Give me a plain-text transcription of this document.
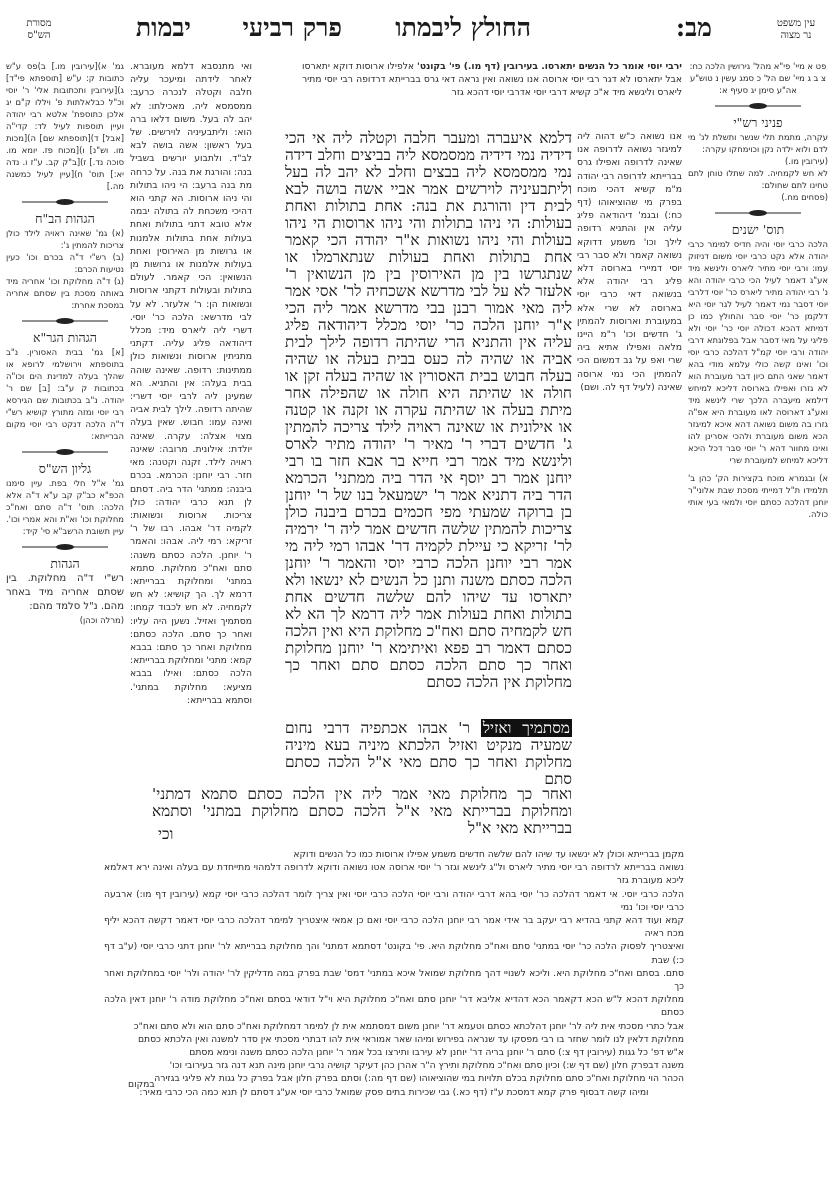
עין משפט
נר מצוה
מב:
החולץ ליבמתו
פרק רביעי
יבמות
מסורת
הש"ס
פט א מיי' פי"א מהל' גירושין הלכה כח:
צ ב ג מיי' שם הל' כ סמג עשין נ טוש"ע אה"ע סימן יג סעיף א:
פניני רש"י
עקרה, מתמת תלי שנשר ותשלת לנ' מי לדם ולוא ילדה נקן וכוימחקו עקרה:
(עירובין מו.)
לא חש לקמחיה. למה שתלו טוחן לתם טחינו לתם שחולם:
(פסחים מח.)
תוס' ישנים
הלכה כרבי יוסי והיה חדיס למימר כרבי יהודה אלא נקט כרבי יוסי משום דניזוק עמו: ורבי יוסי מתיר ליארס ולינשא מיד אע"ג דאמר לעיל הכי כרבי יהודה והא נ' רבי יהודה מתיר ליארס כר' יוסי דלרבי יוסי דסבר נמי דאמר לעיל לגר יוסי היא דלקמן כר' יוסי סבר והחולץ כמו כן דמיתא דהכא דכולה יוסי כר' יוסי ולא פליגי על מאי דסבר אבל בפלוגתא דרבי יהודה ורבי יוסי קמ"ל דהלכה כרבי יוסי וכו' ואינו קשה כולי עלמא מודי בהא דאמר שאני התם כיון דבר מעוברת הוא לא גזרו ואפילו בארוסה דליכא למיחש דילמא מיעברה הלכך שרי לינשא מיד ואע"ג דארוסה לאו מעוברת היא אפ"ה גזרו בה משום נשואה דהא איכא למיגזר הכא משום מעוברת ולהכי אסרינן להו ואינו מחוור דהא ר' יוסי סבר דכל היכא דליכא למיחש למעוברת שרי
א) ובגמרא מוכח בקצירות הק' כהן ב' תלמידו ת"ל דמייתי מסכת שבת אלוני"ר יוחנן דהלכה כסתם יוסי ולמאי בעי אותי כולה.
גמ' א)[עירובין מו.] ב)פס ע"ש כתובות ק: ע"ש [תוספתא פי"ד] ג)[עירובין ותכתובות אלי' ר' יוסי וכ"ל כבלאלתות פ' ויללו ק"ם יג אלכן כתוספת' אלטא רבי יהודה ועיין תוספות לעיל לד: קדי"ה [אבל] ד)[תוספתא שם] ה)[מכות מו. וש"נ] ו)[מכוח פז. יומא מו. סוכה נד.] ז)[ב"ק קב. ע"ז ו. נדה יא:] תוס' ח)[עיין לעיל כמשנה מה.]
הגהות הב"ח
(א) גמ' שאינה ראויה לילד כולן צריכות להמתין ג':
(ב) רש"י ד"ה בכרם וכו' כעין נטיעות הכרם:
(ג) ד"ה מחלוקת וכו' אחריה מיד באותה מסכת בין שסתם אחריה במסכת אחרת:
הגהות הגר"א
[א] גמ' בבית האסורין. נ"ב בתוספתא וירושלמי לרופא או שהלך בעלה למדינת הים וכו"ה בכתובות ק ע"ב: [ב] שם ר' יהודה. נ"ב בכתובות שם הגירסא רבי יוסי ומזה מתורץ קושיא רש"י ד"ה הלכה דנקט רבי יוסי מקום הברייתא:
גליון הש"ס
גמ' א"ל חלי בפת. עיין סימנו הכפ"א כב"ק קב ע"א ד"ה אלא הלכה: תוס' ד"ה סתם ואח"כ מחלוקת וכו' וא"ת והא אמרי וכו'. עיין תשובת הרשב"א סי' קיד:
הגהות
רש"י ד"ה מחלוקת. בין שסתם אחריה מיד באחר מהם. נ"ל סלמד מהם:
(מרלה וכהן)
ירבי יוסי אומר כל הנשים יתארסו. בעירובין (דף מו.) פי' בקונט' אלפילו ארוסות דוקא יתארסו אבל יתארסו לא דגר רבי יוסי ארוסה אנו נשואה ואין נראה דאי גרס בברייתא דרדופה רבי יוסי מתיר ליארס וליגשא מיד א"כ קשיא דרבי יוסי אדרבי יוסי דהכא גזר
אנו נשואה כ"ש דהוה ליה למיגזר נשואה לדרופה אנו שאינה לדרופה ואפילו גרס בברייתא לדרופה רבי יהודה מ"מ קשיא דהכי מוכח בפרק מי שהוציאוהו (דף כח:) ובגמ' דיהודאה פליג עליה אין והתניא רדופה לילך וכו' משמע דדוקא נשואה קאמר ולא סבר רבי יוסי דמיירי בארוסה דלא פליג רבי יהודה אלא בנשואה דאי כרבי יוסי בארוסה לא שרי אלא במעוברת וארוסות להמתין ג' חדשים וכו' ר"מ היינו מלאה ואפילו אתיא ביה שרי ואפ על גב דמשום הכי להמתין הכי נמי ארוסה שאינה (לעיל דף לה. ושם)
ואי מתנסבא דלמא מעוברא. לאחר לידתה ומיעכר עליה חלבה וקטלה לנכרה כרעב: ממסמסא ליה. מאכילתו: לא יהב לה בעל. משום דלאו ברה הוא: וליתבעיניה לוירשים. של בעל ראשון: אשה בושה לבא לב"ד. ולתבוע יורשים בשביל בנה: והורגת את בנה. על כרחה מת בנה ברעב: הי ניהו בתולות והי ניהו ארוסות. הא קתני הוא דהיכי משכחת לה בתולה יבמה אלא טובא דתני בתולות ואחת בעולות אחת בתולות אלמנות או גרושות מן האירוסין ואחת בעולות אלמנות או גרושות מן הנשואין: הכי קאמר. לעולם בתולות ובעולות דקתני ארוסות ונשואות הן: ר' אלעזר. לא על לבי מדרשא: הלכה כר' יוסי. דשרי ליה ליארס מיד: מכלל דיהודאה פליג עליה. דקתני מתניתין ארוסות ונשואות כולן ממתינות: רדופה. שאינה שוהה בבית בעלה: אין והתניא. הא שמעינן ליה לרבי יוסי דשרי: שהיתה רדופה. לילך לבית אביה ואינה עמו: חבוש. שאין בעלה מצוי אצלה: עקרה. שאינה יולדת: אילונית. מרובה: שאינה ראויה לילד. זקנה וקטנה: מאי חזר. רבי יוחנן: הכרמא. בכרם ביבנה: ממתני' הדר ביה. דסתם לן תנא כרבי יהודה: כולן צריכות. ארוסות ונשואות: לקמיה דר' אבהו. רבו של ר' זריקא: רמי ליה. אבהו: והאמר ר' יוחנן. הלכה כסתם משנה: סתם ואח"כ מחלוקת. סתמא במתני' ומחלוקת בברייתא: דרמא לך. הך קושיא: לא חש לקמחיה. לא חש לכבוד קמחו: מסתמיך ואזיל. נשען היה עליו: ואחר כך סתם. הלכה כסתם: מחלוקת ואחר כך סתם: בבבא קמא: מתני' ומחלוקת בברייתא: הלכה כסתם: ואילו בבבא מציעא: מחלוקת במתני'. וסתמא בברייתא:
דלמא איעברה ומעבר חלבה וקטלה ליה אי הכי דידיה נמי דידיה ממסמסא ליה בביצים וחלב דידה נמי ממסמסא ליה בבצים וחלב לא יהב לה בעל וליתבעיניה לוירשים אמר אביי אשה בושה לבא לבית דין והורגת את בנה: אחת בתולות ואחת בעולות: הי ניהו בתולות והי ניהו ארוסות הי ניהו בעולות והי ניהו נשואות א"ר יהודה הכי קאמר אחת בתולות ואחת בעולות שנתארמלו או שנתגרשו בין מן האירוסין בין מן הנשואין ר' אלעזר לא על לבי מדרשא אשכחיה לר' אסי אמר ליה מאי אמור רבנן בבי מדרשא אמר ליה הכי א"ר יוחנן הלכה כר' יוסי מכלל דיהודאה פליג עליה אין והתניא הרי שהיתה רדופה לילך לבית אביה או שהיה לה כעס בבית בעלה או שהיה בעלה חבוש בבית האסורין או שהיה בעלה זקן או חולה או שהיתה היא חולה או שהפילה אחר מיתת בעלה או שהיתה עקרה או זקנה או קטנה או אילונית או שאינה ראויה לילד צריכה להמתין ג' חדשים דברי ר' מאיר ר' יהודה מתיר לארס ולינשא מיד אמר רבי חייא בר אבא חזר בו רבי יוחנן אמר רב יוסף אי הדר ביה ממתני' הכרמא הדר ביה דתניא אמר ר' ישמעאל בנו של ר' יוחנן בן ברוקה שמעתי מפי חכמים בכרם ביבנה כולן צריכות להמתין שלשה חדשים אמר ליה ר' ירמיה לר' זריקא כי עיילת לקמיה דר' אבהו רמי ליה מי אמר רבי יוחנן הלכה כרבי יוסי והאמר ר' יוחנן הלכה כסתם משנה ותנן כל הנשים לא ינשאו ולא יתארסו עד שיהו להם שלשה חדשים אחת בתולות ואחת בעולות אמר ליה דרמא לך הא לא חש לקמחיה סתם ואח"כ מחלוקת היא ואין הלכה כסתם דאמר רב פפא ואיתימא ר' יוחנן מחלוקת ואחר כך סתם הלכה כסתם סתם ואחר כך מחלוקת אין הלכה כסתם
מסתמיך ואזיל ר' אבהו אכתפיה דרבי נחום שמעיה מנקיט ואזיל הלכתא מיניה בעא מיניה מחלוקת ואחר כך סתם מאי א"ל הלכה כסתם סתם
ואחר כך מחלוקת מאי אמר ליה אין הלכה כסתם סתמא דמתני' ומחלוקת בברייתא מאי א"ל הלכה כסתם מחלוקת במתני' וסתמא בברייתא מאי א"ל
וכי
מקמן בברייתא וכולן לא ינשאו עד שיהו להם שלשה חדשים משמע אפילו ארוסות כמו כל הנשים ודוקא
נשואה בברייתא לרדופה רבי יוסי מתיר ליארס ול"ג לינשא וגזר ר' יוסי ארוסה אטו נשואה ודוקא לדרופה דלמהוי מתייחדת עם בעלה ואינה ירא דאלמא ליכא מעוברת גזר
הלכה כרבי יוסי. אי דאמר דהלכה כר' יוסי בהא דרבי יהודה ורבי יוסי הלכה כרבי יוסי ואין צריך לומר דהלכה כרבי יוסי קמא (עירובין דף מו:) ארבעה כרבי יוסי וכו' נמי
קמא ועוד דהא קתני בהדיא רבי יעקב בר אידי אמר רבי יוחנן הלכה כרבי יוסי ואם כן אמאי איצטריך למימר דהלכה כרבי יוסי דאמר דקשה דהכא יליף מכח ראיה
ואיצטריך לפסוק הלכה כר' יוסי במתני' סתם ואח"כ מחלוקת היא. פי' בקונט' דסתמא דמתני' והך מחלוקת בברייתא לר' יוחנן דתני כרבי יוסי (ע"ב דף כ:) שבת
סתם. בסתם ואח"כ מחלוקת היא. וליכא לשנויי דהך מחלוקת שמואל איכא במתני' דמס' שבת בפרק במה מדליקין לר' יהודה ולר' יוסי במחלוקת ואחר כך
מחלוקת דהכא ל"ש הכא דקאמר הכא דהדיא אליבא דר' יוחנן סתם ואח"כ מחלוקת היא וי"ל דודאי בסתם ואח"כ מחלוקת מודה ר' יוחנן דאין הלכה כסתם
אבל כתרי מסכתי אית ליה לר' יוחנן דהלכתא כסתם וטעמא דר' יוחנן משום דמסתמא אית לן למימר דמחלוקת ואח"כ סתם הוא ולא סתם ואח"כ
מחלוקת דלאין לנו לומר שחזר בו רבי מפסקו עד שנראה בפירוש ומיהו שאר אמוראי אית להו דבתרי מסכתי אין סדר למשנה ואין הלכתא כסתם
א"ש דפ' כל גגות (עירובין דף צ:) סתם ר' יוחנן בריה דר' יוחנן לא עירבו ותירצו בכל אמר ר' יוחנן הלכה כסתם משנה ונימא מסתם
משנה דבפרק חלון (שם דף ש:) וכיון סתם ואח"כ מחלוקת ותירץ ה"ר אהרן כהן דעיקר קושיה נרבי יוחנן מינה תנא דנה גזר בעירובי וכו'
הכהר הוי מחלוקת ואח"כ סתם מחלוקת בכלם תלויות במי שהוציאוהו (שם דף מה:) וסתם בפרק חלון אבל בפרק כל גגות לא פליגי בגזירה
ומיהו קשה דבסוף פרק קמא דמסכת ע"ז (דף כא.) גבי שכירות בתים פסק שמואל כרבי יוסי אע"ג דסתם לן תנא כמה הכי כרבי מאיר:
במקום
